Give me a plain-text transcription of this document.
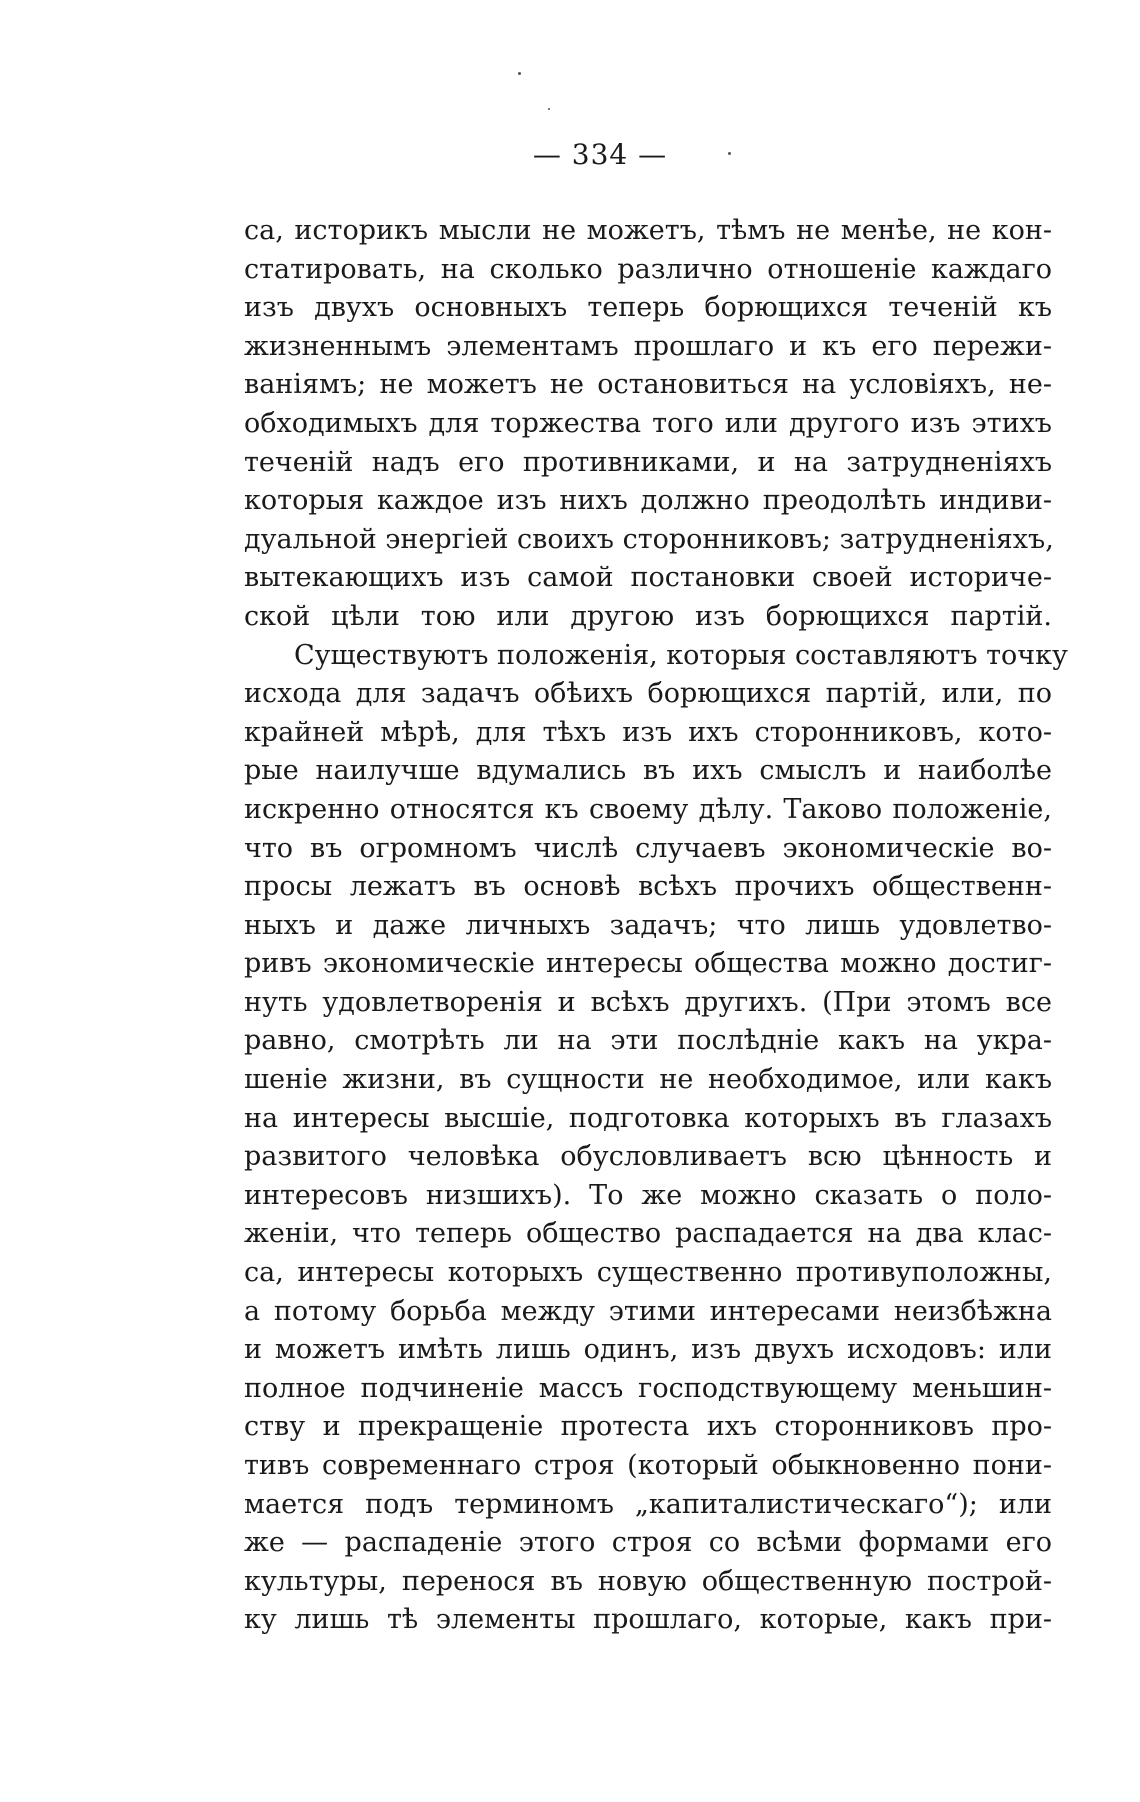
— 334 —
са, историкъ мысли не можетъ, тѣмъ не менѣе, не кон-
статировать, на сколько различно отношеніе каждаго
изъ двухъ основныхъ теперь борющихся теченій къ
жизненнымъ элементамъ прошлаго и къ его пережи-
ваніямъ; не можетъ не остановиться на условіяхъ, не-
обходимыхъ для торжества того или другого изъ этихъ
теченій надъ его противниками, и на затрудненіяхъ
которыя каждое изъ нихъ должно преодолѣть индиви-
дуальной энергіей своихъ сторонниковъ; затрудненіяхъ,
вытекающихъ изъ самой постановки своей историче-
ской цѣли тою или другою изъ борющихся партій.
Существуютъ положенія, которыя составляютъ точку
исхода для задачъ обѣихъ борющихся партій, или, по
крайней мѣрѣ, для тѣхъ изъ ихъ сторонниковъ, кото-
рые наилучше вдумались въ ихъ смыслъ и наиболѣе
искренно относятся къ своему дѣлу. Таково положеніе,
что въ огромномъ числѣ случаевъ экономическіе во-
просы лежатъ въ основѣ всѣхъ прочихъ общественн-
ныхъ и даже личныхъ задачъ; что лишь удовлетво-
ривъ экономическіе интересы общества можно достиг-
нуть удовлетворенія и всѣхъ другихъ. (При этомъ все
равно, смотрѣть ли на эти послѣдніе какъ на укра-
шеніе жизни, въ сущности не необходимое, или какъ
на интересы высшіе, подготовка которыхъ въ глазахъ
развитого человѣка обусловливаетъ всю цѣнность и
интересовъ низшихъ). То же можно сказать о поло-
женіи, что теперь общество распадается на два клас-
са, интересы которыхъ существенно противуположны,
а потому борьба между этими интересами неизбѣжна
и можетъ имѣть лишь одинъ, изъ двухъ исходовъ: или
полное подчиненіе массъ господствующему меньшин-
ству и прекращеніе протеста ихъ сторонниковъ про-
тивъ современнаго строя (который обыкновенно пони-
мается подъ терминомъ „капиталистическаго“); или
же — распаденіе этого строя со всѣми формами его
культуры, перенося въ новую общественную построй-
ку лишь тѣ элементы прошлаго, которые, какъ при-
